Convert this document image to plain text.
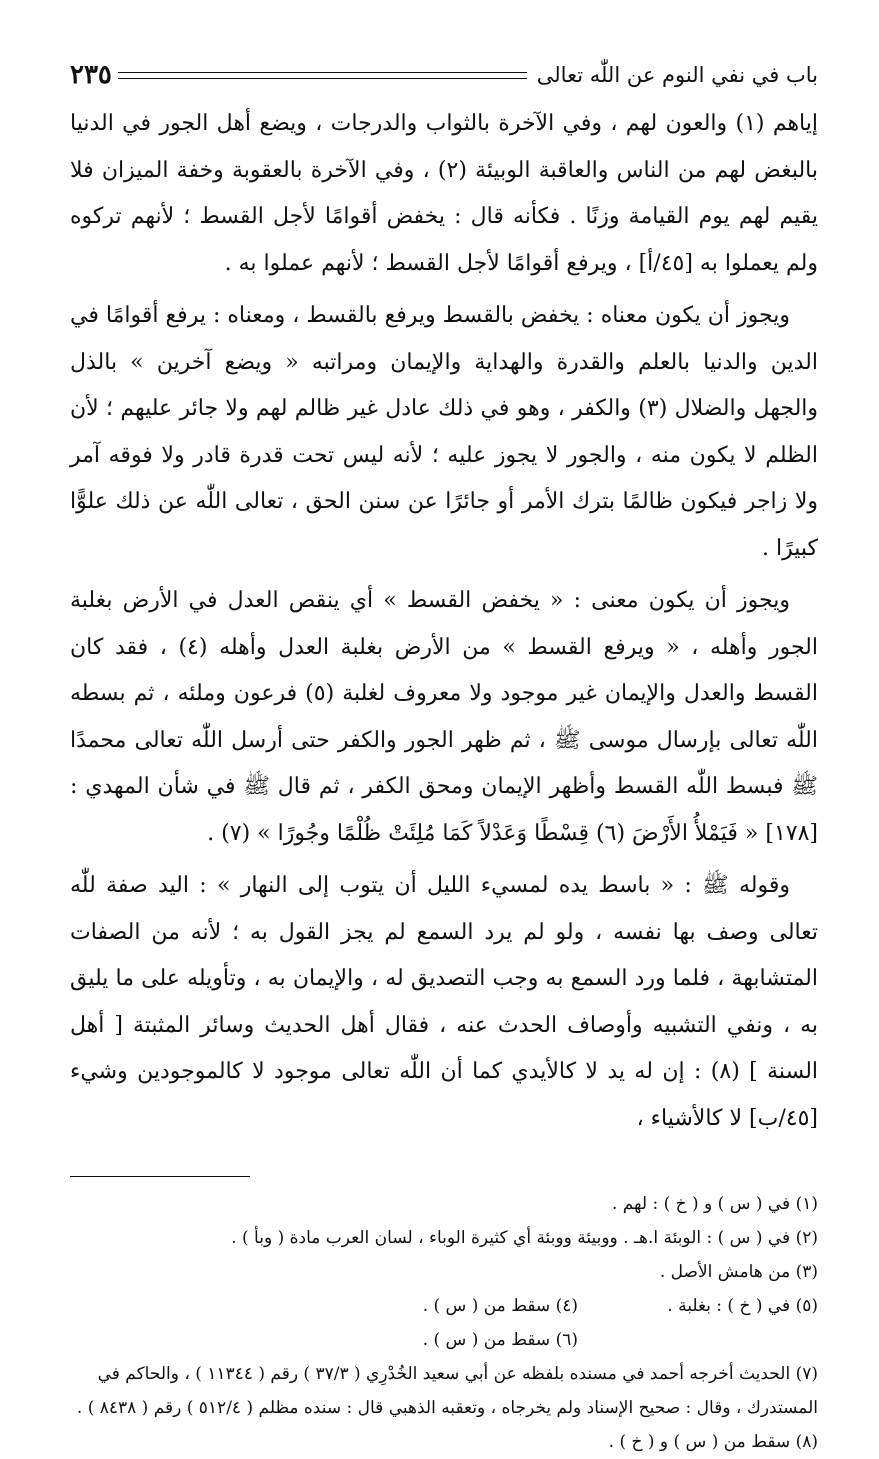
باب في نفي النوم عن اللّٰه تعالى
٢٣٥

إياهم (١) والعون لهم ، وفي الآخرة بالثواب والدرجات ، ويضع أهل الجور في الدنيا بالبغض لهم من الناس والعاقبة الوبيئة (٢) ، وفي الآخرة بالعقوبة وخفة الميزان فلا يقيم لهم يوم القيامة وزنًا . فكأنه قال : يخفض أقوامًا لأجل القسط ؛ لأنهم تركوه ولم يعملوا به [٤٥/أ] ، ويرفع أقوامًا لأجل القسط ؛ لأنهم عملوا به .

ويجوز أن يكون معناه : يخفض بالقسط ويرفع بالقسط ، ومعناه : يرفع أقوامًا في الدين والدنيا بالعلم والقدرة والهداية والإيمان ومراتبه « ويضع آخرين » بالذل والجهل والضلال (٣) والكفر ، وهو في ذلك عادل غير ظالم لهم ولا جائر عليهم ؛ لأن الظلم لا يكون منه ، والجور لا يجوز عليه ؛ لأنه ليس تحت قدرة قادر ولا فوقه آمر ولا زاجر فيكون ظالمًا بترك الأمر أو جائرًا عن سنن الحق ، تعالى اللّٰه عن ذلك علوًّا كبيرًا .

ويجوز أن يكون معنى : « يخفض القسط » أي ينقص العدل في الأرض بغلبة الجور وأهله ، « ويرفع القسط » من الأرض بغلبة العدل وأهله (٤) ، فقد كان القسط والعدل والإيمان غير موجود ولا معروف لغلبة (٥) فرعون وملئه ، ثم بسطه اللّٰه تعالى بإرسال موسى ﷺ ، ثم ظهر الجور والكفر حتى أرسل اللّٰه تعالى محمدًا ﷺ فبسط اللّٰه القسط وأظهر الإيمان ومحق الكفر ، ثم قال ﷺ في شأن المهدي : [١٧٨] « فَيَمْلأُ الأَرْضَ (٦) قِسْطًا وَعَدْلاً كَمَا مُلِئَتْ ظُلْمًا وجُورًا » (٧) .

وقوله ﷺ : « باسط يده لمسيء الليل أن يتوب إلى النهار » : اليد صفة للّٰه تعالى وصف بها نفسه ، ولو لم يرد السمع لم يجز القول به ؛ لأنه من الصفات المتشابهة ، فلما ورد السمع به وجب التصديق له ، والإيمان به ، وتأويله على ما يليق به ، ونفي التشبيه وأوصاف الحدث عنه ، فقال أهل الحديث وسائر المثبتة [ أهل السنة ] (٨) : إن له يد لا كالأيدي كما أن اللّٰه تعالى موجود لا كالموجودين وشيء [٤٥/ب] لا كالأشياء ،

(١) في ( س ) و ( خ ) : لهم .

(٢) في ( س ) : الوبئة ا.هـ . ووبيئة ووبئة أي كثيرة الوباء ، لسان العرب مادة ( وبأ ) .

(٣) من هامش الأصل .

(٥) في ( خ ) : بغلبة .

(٤) سقط من ( س ) .

(٦) سقط من ( س ) .

(٧) الحديث أخرجه أحمد في مسنده بلفظه عن أبي سعيد الخُدْرِي ( ٣٧/٣ ) رقم ( ١١٣٤٤ ) ، والحاكم في المستدرك ، وقال : صحيح الإسناد ولم يخرجاه ، وتعقبه الذهبي قال : سنده مظلم ( ٥١٢/٤ ) رقم ( ٨٤٣٨ ) .

(٨) سقط من ( س ) و ( خ ) .
